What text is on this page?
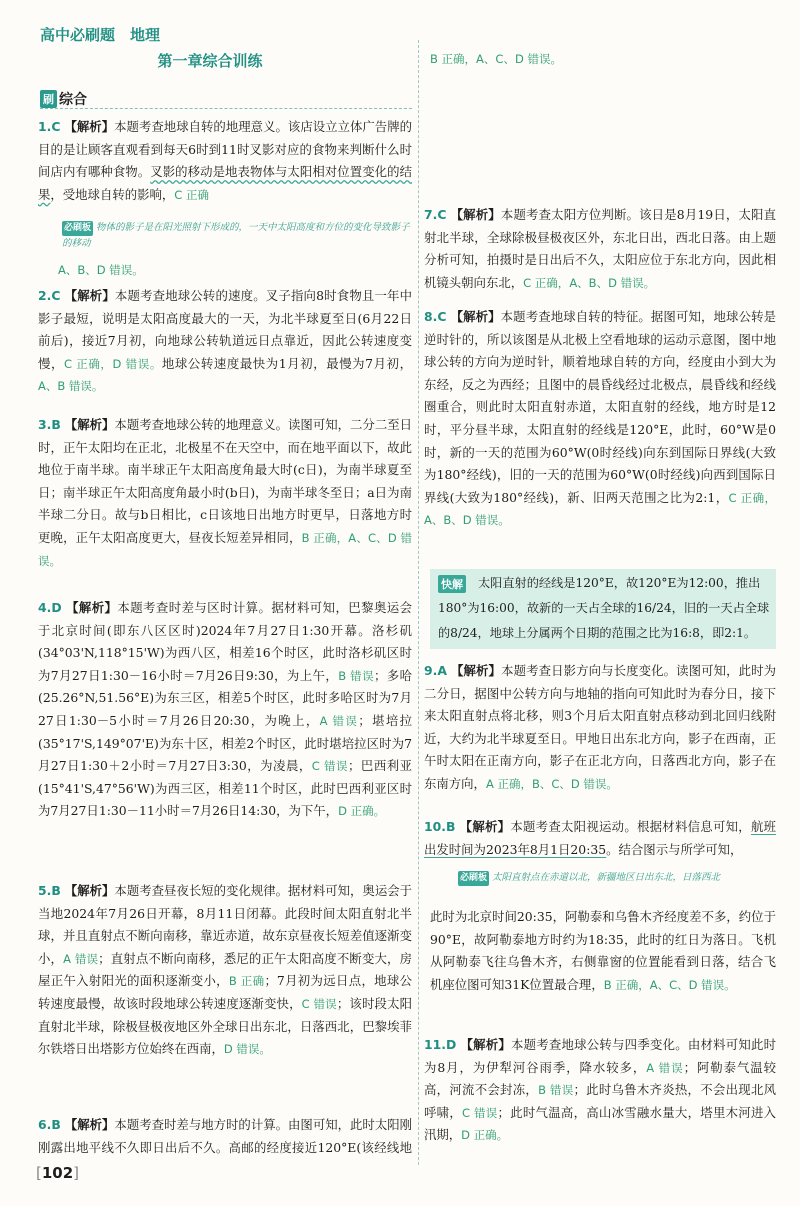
高中必刷题　地理
第一章综合训练
刷 综合
1.C 【解析】本题考查地球自转的地理意义。该店设立立体广告牌的目的是让顾客直观看到每天6时到11时叉影对应的食物来判断什么时间店内有哪种食物。叉影的移动是地表物体与太阳相对位置变化的结果，受地球自转的影响，C 正确
必刷板 物体的影子是在阳光照射下形成的，一天中太阳高度和方位的变化导致影子的移动
A、B、D 错误。
2.C 【解析】本题考查地球公转的速度。叉子指向8时食物且一年中影子最短，说明是太阳高度最大的一天，为北半球夏至日(6月22日前后)，接近7月初，向地球公转轨道远日点靠近，因此公转速度变慢，C 正确，D 错误。地球公转速度最快为1月初，最慢为7月初，A、B 错误。
3.B 【解析】本题考查地球公转的地理意义。读图可知，二分二至日时，正午太阳均在正北，北极星不在天空中，而在地平面以下，故此地位于南半球。南半球正午太阳高度角最大时(c日)，为南半球夏至日；南半球正午太阳高度角最小时(b日)，为南半球冬至日；a日为南半球二分日。故与b日相比，c日该地日出地方时更早，日落地方时更晚，正午太阳高度更大，昼夜长短差异相同，B 正确，A、C、D 错误。
4.D 【解析】本题考查时差与区时计算。据材料可知，巴黎奥运会于北京时间(即东八区区时)2024年7月27日1:30开幕。洛杉矶(34°03'N,118°15'W)为西八区，相差16个时区，此时洛杉矶区时为7月27日1:30－16小时＝7月26日9:30，为上午，B 错误；多哈(25.26°N,51.56°E)为东三区，相差5个时区，此时多哈区时为7月27日1:30－5小时＝7月26日20:30，为晚上，A 错误；堪培拉(35°17'S,149°07'E)为东十区，相差2个时区，此时堪培拉区时为7月27日1:30＋2小时＝7月27日3:30，为凌晨，C 错误；巴西利亚(15°41'S,47°56'W)为西三区，相差11个时区，此时巴西利亚区时为7月27日1:30－11小时＝7月26日14:30，为下午，D 正确。
5.B 【解析】本题考查昼夜长短的变化规律。据材料可知，奥运会于当地2024年7月26日开幕，8月11日闭幕。此段时间太阳直射北半球，并且直射点不断向南移，靠近赤道，故东京昼夜长短差值逐渐变小，A 错误；直射点不断向南移，悉尼的正午太阳高度不断变大，房屋正午入射阳光的面积逐渐变小，B 正确；7月初为远日点，地球公转速度最慢，故该时段地球公转速度逐渐变快，C 错误；该时段太阳直射北半球，除极昼极夜地区外全球日出东北，日落西北，巴黎埃菲尔铁塔日出塔影方位始终在西南，D 错误。
6.B 【解析】本题考查时差与地方时的计算。由图可知，此时太阳刚刚露出地平线不久即日出后不久。高邮的经度接近120°E(该经线地
B 正确，A、C、D 错误。
7.C 【解析】本题考查太阳方位判断。该日是8月19日，太阳直射北半球，全球除极昼极夜区外，东北日出，西北日落。由上题分析可知，拍摄时是日出后不久，太阳应位于东北方向，因此相机镜头朝向东北，C 正确，A、B、D 错误。
8.C 【解析】本题考查地球自转的特征。据图可知，地球公转是逆时针的，所以该图是从北极上空看地球的运动示意图，图中地球公转的方向为逆时针，顺着地球自转的方向，经度由小到大为东经，反之为西经；且图中的晨昏线经过北极点，晨昏线和经线圈重合，则此时太阳直射赤道，太阳直射的经线，地方时是12时，平分昼半球，太阳直射的经线是120°E，此时，60°W是0时，新的一天的范围为60°W(0时经线)向东到国际日界线(大致为180°经线)，旧的一天的范围为60°W(0时经线)向西到国际日界线(大致为180°经线)，新、旧两天范围之比为2:1，C 正确，A、B、D 错误。
快解	太阳直射的经线是120°E，故120°E为12:00，推出180°为16:00，故新的一天占全球的16/24，旧的一天占全球的8/24，地球上分属两个日期的范围之比为16:8，即2:1。
9.A 【解析】本题考查日影方向与长度变化。读图可知，此时为二分日，据图中公转方向与地轴的指向可知此时为春分日，接下来太阳直射点将北移，则3个月后太阳直射点移动到北回归线附近，大约为北半球夏至日。甲地日出东北方向，影子在西南，正午时太阳在正南方向，影子在正北方向，日落西北方向，影子在东南方向，A 正确，B、C、D 错误。
10.B 【解析】本题考查太阳视运动。根据材料信息可知，航班出发时间为2023年8月1日20:35。结合图示与所学可知，
必刷板 太阳直射点在赤道以北，新疆地区日出东北，日落西北
此时为北京时间20:35，阿勒泰和乌鲁木齐经度差不多，约位于90°E，故阿勒泰地方时约为18:35，此时的红日为落日。飞机从阿勒泰飞往乌鲁木齐，右侧靠窗的位置能看到日落，结合飞机座位图可知31K位置最合理，B 正确，A、C、D 错误。
11.D 【解析】本题考查地球公转与四季变化。由材料可知此时为8月，为伊犁河谷雨季，降水较多，A 错误；阿勒泰气温较高，河流不会封冻，B 错误；此时乌鲁木齐炎热，不会出现北风呼啸，C 错误；此时气温高，高山冰雪融水量大，塔里木河进入汛期，D 正确。
[ 102 ]
